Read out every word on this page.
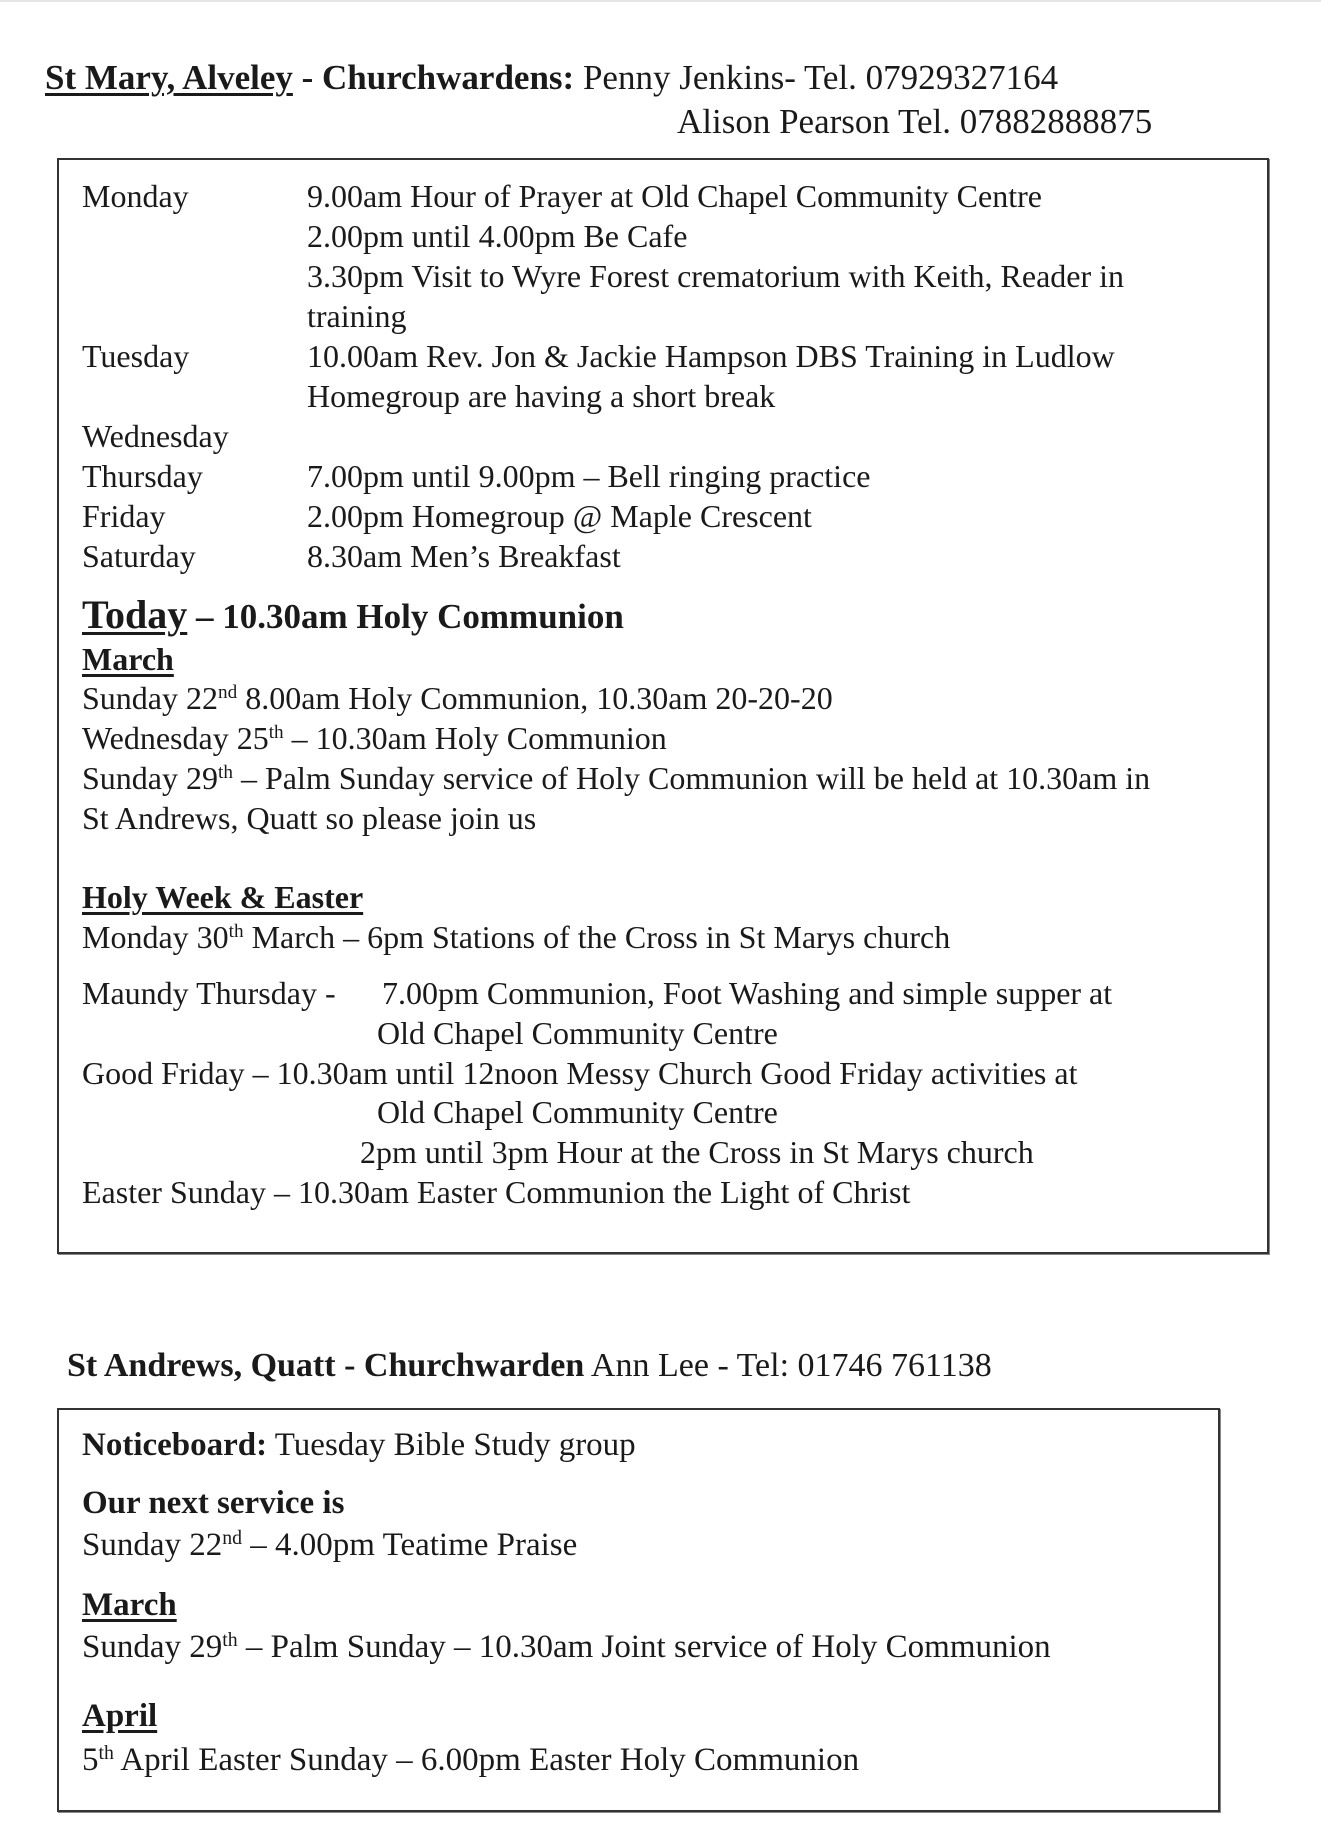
St Mary, Alveley - Churchwardens: Penny Jenkins- Tel. 07929327164
Alison Pearson Tel. 07882888875
Monday	9.00am Hour of Prayer at Old Chapel Community Centre
2.00pm until 4.00pm Be Cafe
3.30pm Visit to Wyre Forest crematorium with Keith, Reader in
training
Tuesday	10.00am Rev. Jon & Jackie Hampson DBS Training in Ludlow
Homegroup are having a short break
Wednesday
Thursday	7.00pm until 9.00pm – Bell ringing practice
Friday	2.00pm Homegroup @ Maple Crescent
Saturday	8.30am Men’s Breakfast
Today – 10.30am Holy Communion
March
Sunday 22nd 8.00am Holy Communion, 10.30am 20-20-20
Wednesday 25th – 10.30am Holy Communion
Sunday 29th – Palm Sunday service of Holy Communion will be held at 10.30am in
St Andrews, Quatt so please join us
Holy Week & Easter
Monday 30th March – 6pm Stations of the Cross in St Marys church
Maundy Thursday - 7.00pm Communion, Foot Washing and simple supper at
Old Chapel Community Centre
Good Friday – 10.30am until 12noon Messy Church Good Friday activities at
Old Chapel Community Centre
2pm until 3pm Hour at the Cross in St Marys church
Easter Sunday – 10.30am Easter Communion the Light of Christ
St Andrews, Quatt - Churchwarden Ann Lee - Tel: 01746 761138
Noticeboard: Tuesday Bible Study group
Our next service is
Sunday 22nd – 4.00pm Teatime Praise
March
Sunday 29th – Palm Sunday – 10.30am Joint service of Holy Communion
April
5th April Easter Sunday – 6.00pm Easter Holy Communion
